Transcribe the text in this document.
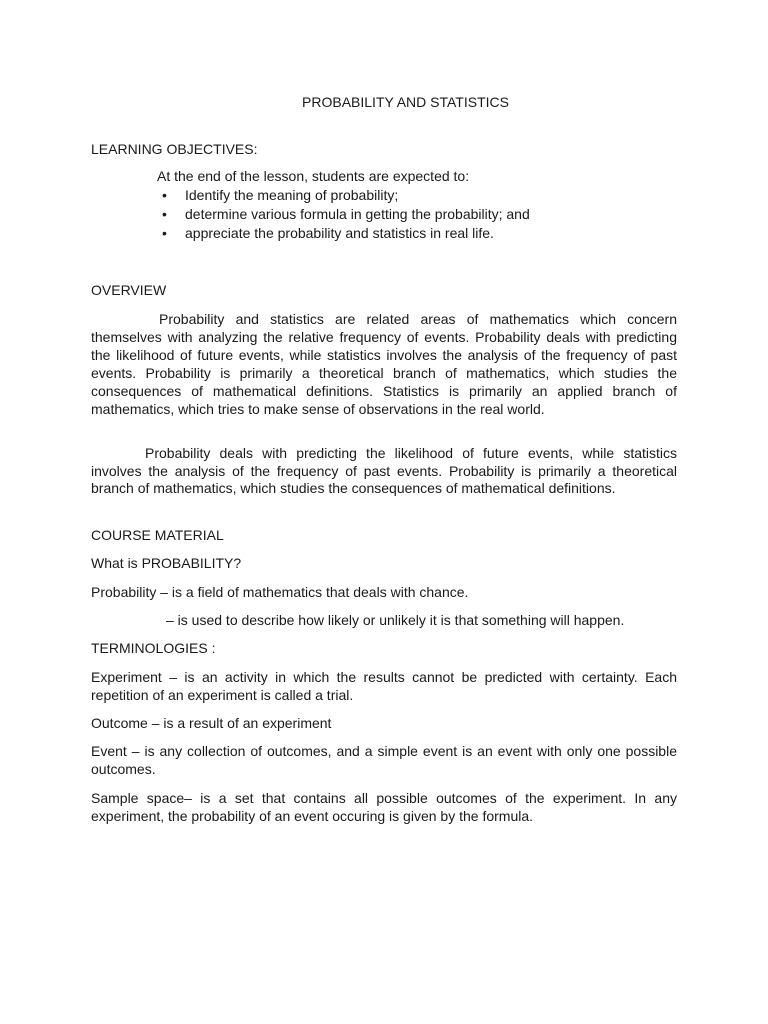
PROBABILITY AND STATISTICS
LEARNING OBJECTIVES:
At the end of the lesson, students are expected to:
• Identify the meaning of probability;
• determine various formula in getting the probability; and
• appreciate the probability and statistics in real life.
OVERVIEW

Probability and statistics are related areas of mathematics which concern themselves with analyzing the relative frequency of events. Probability deals with predicting the likelihood of future events, while statistics involves the analysis of the frequency of past events. Probability is primarily a theoretical branch of mathematics, which studies the consequences of mathematical definitions. Statistics is primarily an applied branch of mathematics, which tries to make sense of observations in the real world.

Probability deals with predicting the likelihood of future events, while statistics involves the analysis of the frequency of past events. Probability is primarily a theoretical branch of mathematics, which studies the consequences of mathematical definitions.

COURSE MATERIAL
What is PROBABILITY?
Probability – is a field of mathematics that deals with chance.
– is used to describe how likely or unlikely it is that something will happen.
TERMINOLOGIES :

Experiment – is an activity in which the results cannot be predicted with certainty. Each repetition of an experiment is called a trial.

Outcome – is a result of an experiment

Event – is any collection of outcomes, and a simple event is an event with only one possible outcomes.

Sample space– is a set that contains all possible outcomes of the experiment. In any experiment, the probability of an event occuring is given by the formula.
